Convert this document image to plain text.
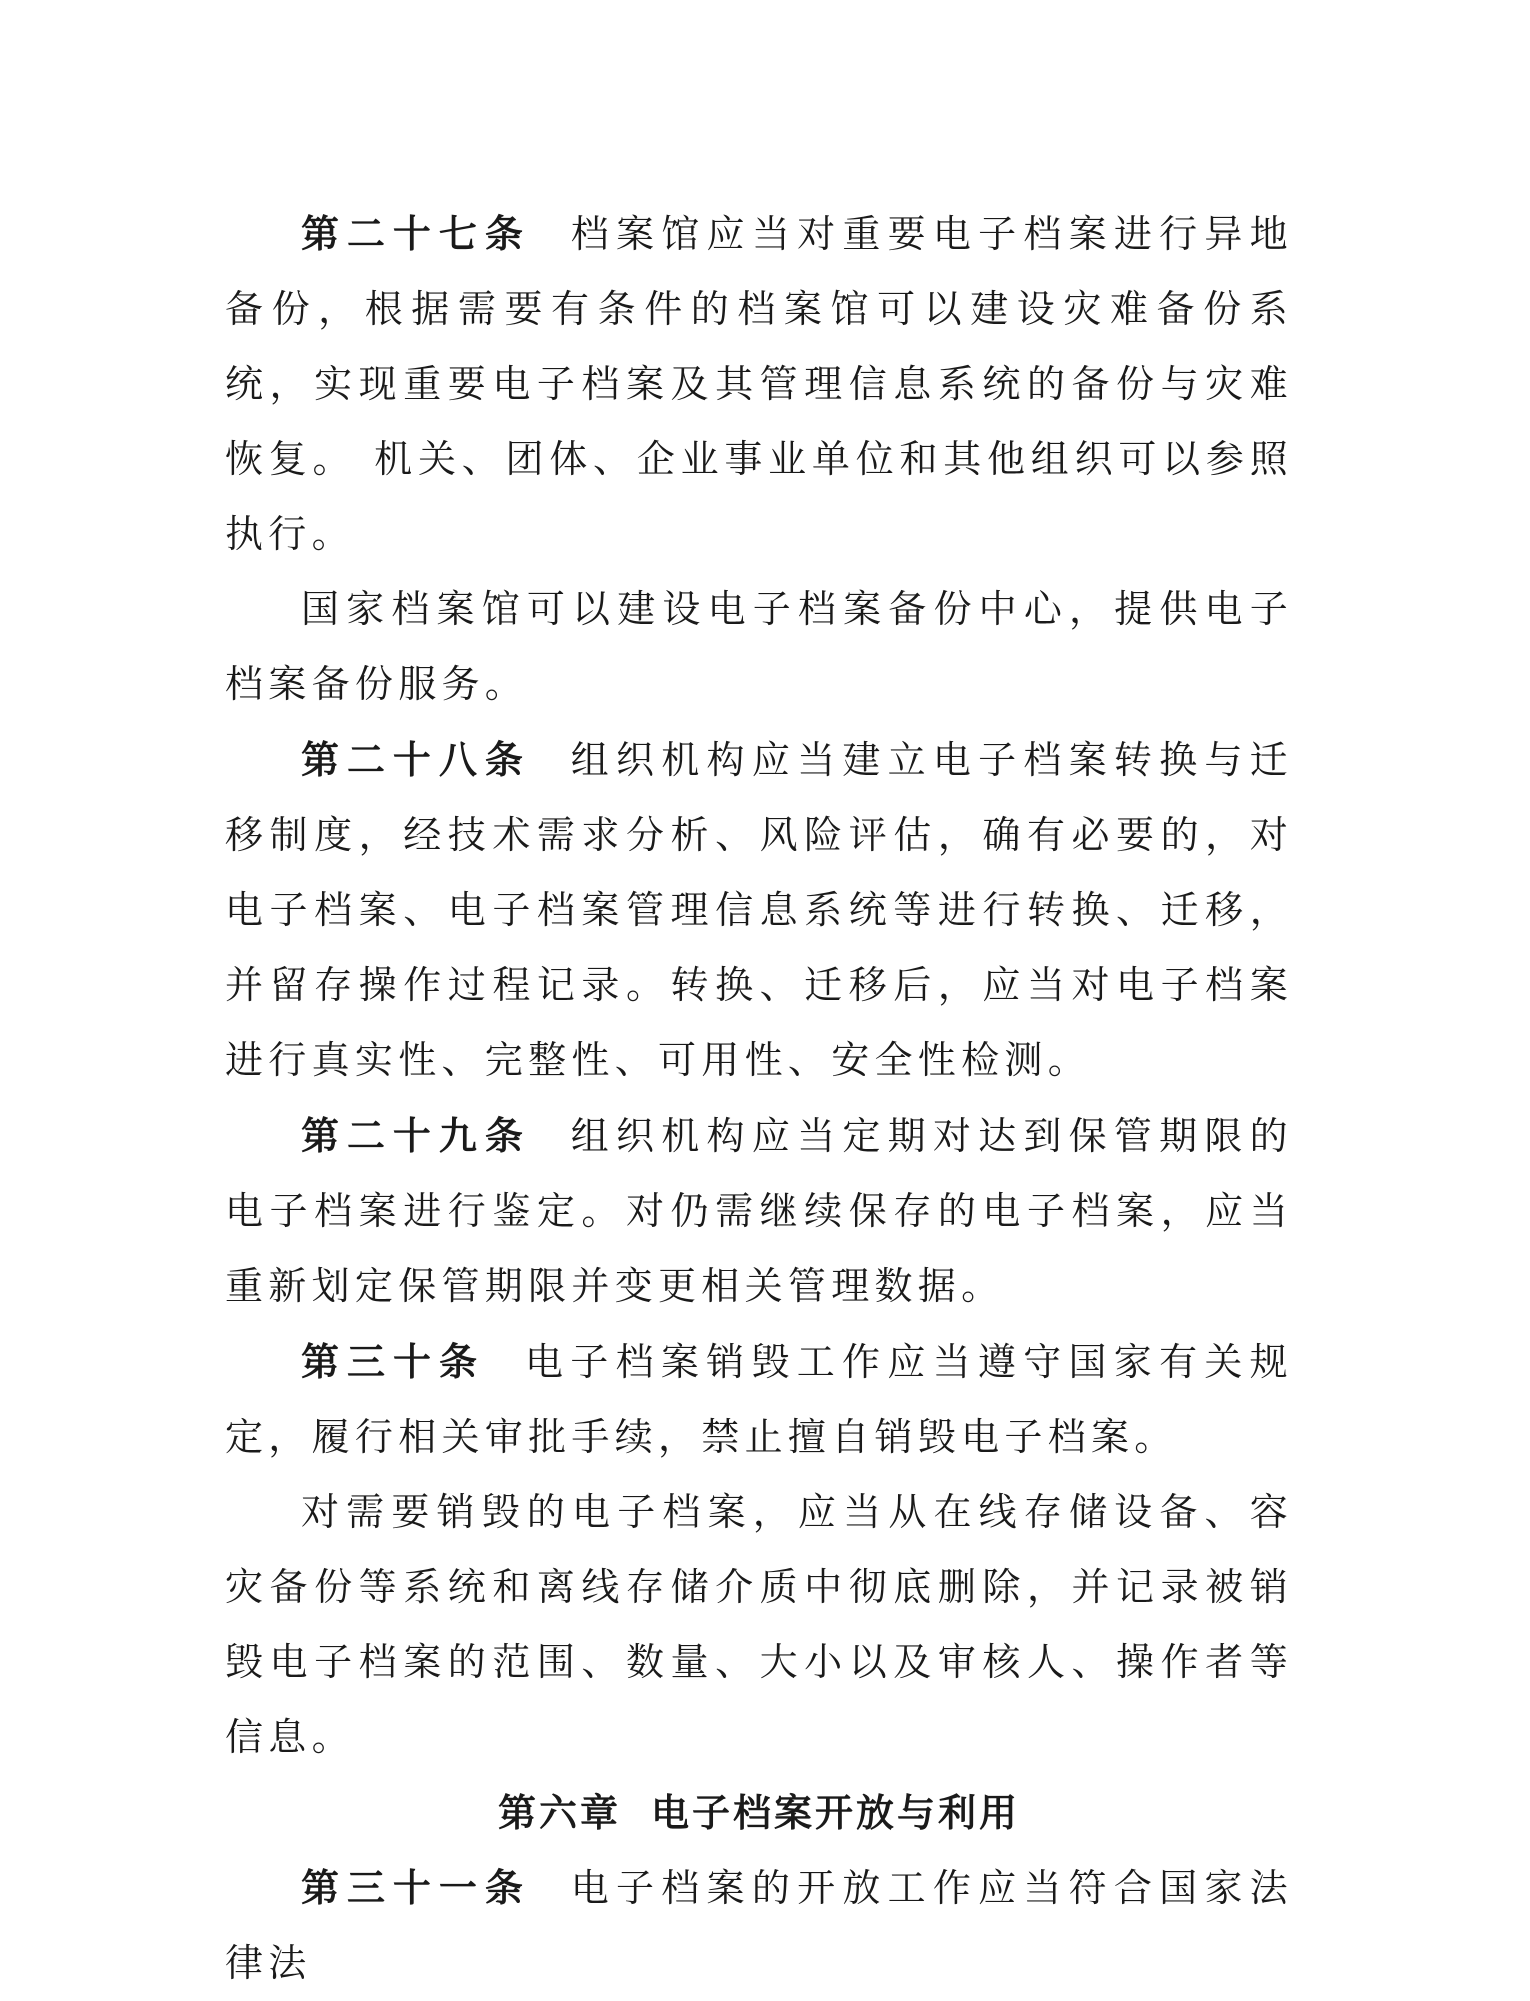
第二十七条 档案馆应当对重要电子档案进行异地备份，根据需要有条件的档案馆可以建设灾难备份系统，实现重要电子档案及其管理信息系统的备份与灾难恢复。 机关、团体、企业事业单位和其他组织可以参照执行。

国家档案馆可以建设电子档案备份中心，提供电子档案备份服务。

第二十八条 组织机构应当建立电子档案转换与迁移制度，经技术需求分析、风险评估，确有必要的，对电子档案、电子档案管理信息系统等进行转换、迁移，并留存操作过程记录。转换、迁移后，应当对电子档案进行真实性、完整性、可用性、安全性检测。

第二十九条 组织机构应当定期对达到保管期限的电子档案进行鉴定。对仍需继续保存的电子档案，应当重新划定保管期限并变更相关管理数据。

第三十条 电子档案销毁工作应当遵守国家有关规定，履行相关审批手续，禁止擅自销毁电子档案。

对需要销毁的电子档案，应当从在线存储设备、容灾备份等系统和离线存储介质中彻底删除，并记录被销毁电子档案的范围、数量、大小以及审核人、操作者等信息。

第六章 电子档案开放与利用

第三十一条 电子档案的开放工作应当符合国家法律法
